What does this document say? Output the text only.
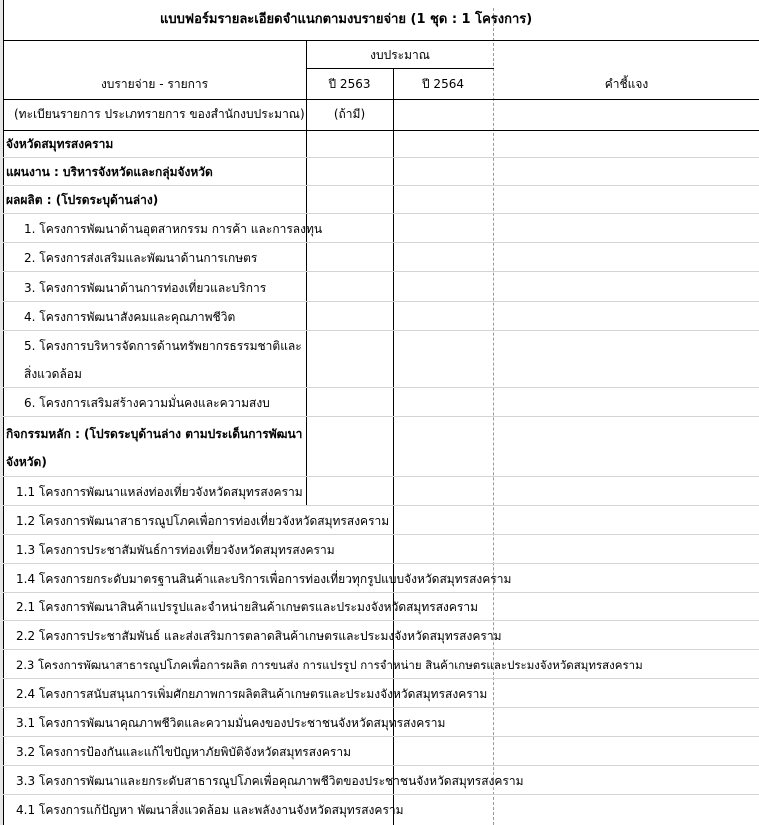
แบบฟอร์มรายละเอียดจำแนกตามงบรายจ่าย (1 ชุด : 1 โครงการ)
งบประมาณ
งบรายจ่าย - รายการ	ปี 2563	ปี 2564	คำชี้แจง
(ทะเบียนรายการ ประเภทรายการ ของสำนักงบประมาณ)	(ถ้ามี)
จังหวัดสมุทรสงคราม
แผนงาน : บริหารจังหวัดและกลุ่มจังหวัด
ผลผลิต : (โปรดระบุด้านล่าง)
1. โครงการพัฒนาด้านอุตสาหกรรม การค้า และการลงทุน
2. โครงการส่งเสริมและพัฒนาด้านการเกษตร
3. โครงการพัฒนาด้านการท่องเที่ยวและบริการ
4. โครงการพัฒนาสังคมและคุณภาพชีวิต
5. โครงการบริหารจัดการด้านทรัพยากรธรรมชาติและ
สิ่งแวดล้อม
6. โครงการเสริมสร้างความมั่นคงและความสงบ
กิจกรรมหลัก : (โปรดระบุด้านล่าง ตามประเด็นการพัฒนา
จังหวัด)
1.1 โครงการพัฒนาแหล่งท่องเที่ยวจังหวัดสมุทรสงคราม
1.2 โครงการพัฒนาสาธารณูปโภคเพื่อการท่องเที่ยวจังหวัดสมุทรสงคราม
1.3 โครงการประชาสัมพันธ์การท่องเที่ยวจังหวัดสมุทรสงคราม
1.4 โครงการยกระดับมาตรฐานสินค้าและบริการเพื่อการท่องเที่ยวทุกรูปแบบจังหวัดสมุทรสงคราม
2.1 โครงการพัฒนาสินค้าแปรรูปและจำหน่ายสินค้าเกษตรและประมงจังหวัดสมุทรสงคราม
2.2 โครงการประชาสัมพันธ์ และส่งเสริมการตลาดสินค้าเกษตรและประมงจังหวัดสมุทรสงคราม
2.3 โครงการพัฒนาสาธารณูปโภคเพื่อการผลิต การขนส่ง การแปรรูป การจำหน่าย สินค้าเกษตรและประมงจังหวัดสมุทรสงคราม
2.4 โครงการสนับสนุนการเพิ่มศักยภาพการผลิตสินค้าเกษตรและประมงจังหวัดสมุทรสงคราม
3.1 โครงการพัฒนาคุณภาพชีวิตและความมั่นคงของประชาชนจังหวัดสมุทรสงคราม
3.2 โครงการป้องกันและแก้ไขปัญหาภัยพิบัติจังหวัดสมุทรสงคราม
3.3 โครงการพัฒนาและยกระดับสาธารณูปโภคเพื่อคุณภาพชีวิตของประชาชนจังหวัดสมุทรสงคราม
4.1 โครงการแก้ปัญหา พัฒนาสิ่งแวดล้อม และพลังงานจังหวัดสมุทรสงคราม
